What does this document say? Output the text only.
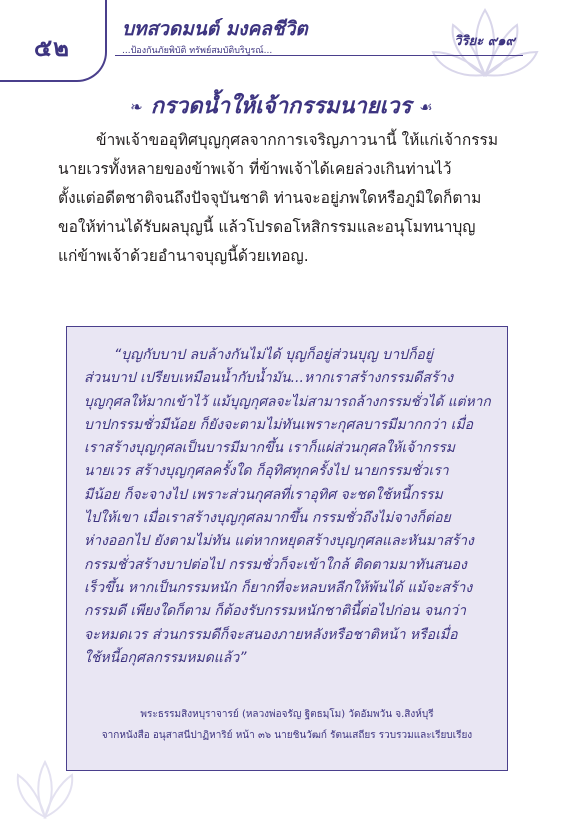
๕๒
บทสวดมนต์ มงคลชีวิต
...ป้องกันภัยพิบัติ ทรัพย์สมบัติบริบูรณ์...
วิริยะ ๙๑๙
❧ กรวดน้ำให้เจ้ากรรมนายเวร ☙
ข้าพเจ้าขออุทิศบุญกุศลจากการเจริญภาวนานี้ ให้แก่เจ้ากรรม
นายเวรทั้งหลายของข้าพเจ้า ที่ข้าพเจ้าได้เคยล่วงเกินท่านไว้
ตั้งแต่อดีตชาติจนถึงปัจจุบันชาติ ท่านจะอยู่ภพใดหรือภูมิใดก็ตาม
ขอให้ท่านได้รับผลบุญนี้ แล้วโปรดอโหสิกรรมและอนุโมทนาบุญ
แก่ข้าพเจ้าด้วยอำนาจบุญนี้ด้วยเทอญ.
“บุญกับบาป ลบล้างกันไม่ได้ บุญก็อยู่ส่วนบุญ บาปก็อยู่
ส่วนบาป เปรียบเหมือนน้ำกับน้ำมัน...หากเราสร้างกรรมดีสร้าง
บุญกุศลให้มากเข้าไว้ แม้บุญกุศลจะไม่สามารถล้างกรรมชั่วได้ แต่หาก
บาปกรรมชั่วมีน้อย ก็ยังจะตามไม่ทันเพราะกุศลบารมีมากกว่า เมื่อ
เราสร้างบุญกุศลเป็นบารมีมากขึ้น เราก็แผ่ส่วนกุศลให้เจ้ากรรม
นายเวร สร้างบุญกุศลครั้งใด ก็อุทิศทุกครั้งไป นายกรรมชั่วเรา
มีน้อย ก็จะจางไป เพราะส่วนกุศลที่เราอุทิศ จะชดใช้หนี้กรรม
ไปให้เขา เมื่อเราสร้างบุญกุศลมากขึ้น กรรมชั่วถึงไม่จางก็ต่อย
ห่างออกไป ยังตามไม่ทัน แต่หากหยุดสร้างบุญกุศลและหันมาสร้าง
กรรมชั่วสร้างบาปต่อไป กรรมชั่วก็จะเข้าใกล้ ติดตามมาทันสนอง
เร็วขึ้น หากเป็นกรรมหนัก ก็ยากที่จะหลบหลีกให้พ้นได้ แม้จะสร้าง
กรรมดี เพียงใดก็ตาม ก็ต้องรับกรรมหนักชาตินี้ต่อไปก่อน จนกว่า
จะหมดเวร ส่วนกรรมดีก็จะสนองภายหลังหรือชาติหน้า หรือเมื่อ
ใช้หนี้อกุศลกรรมหมดแล้ว”
พระธรรมสิงหบุราจารย์ (หลวงพ่อจรัญ ฐิตธมฺโม) วัดอัมพวัน จ.สิงห์บุรี
จากหนังสือ อนุสาสนีปาฏิหาริย์ หน้า ๓๖ นายชินวัฒก์ รัตนเสถียร รวบรวมและเรียบเรียง
